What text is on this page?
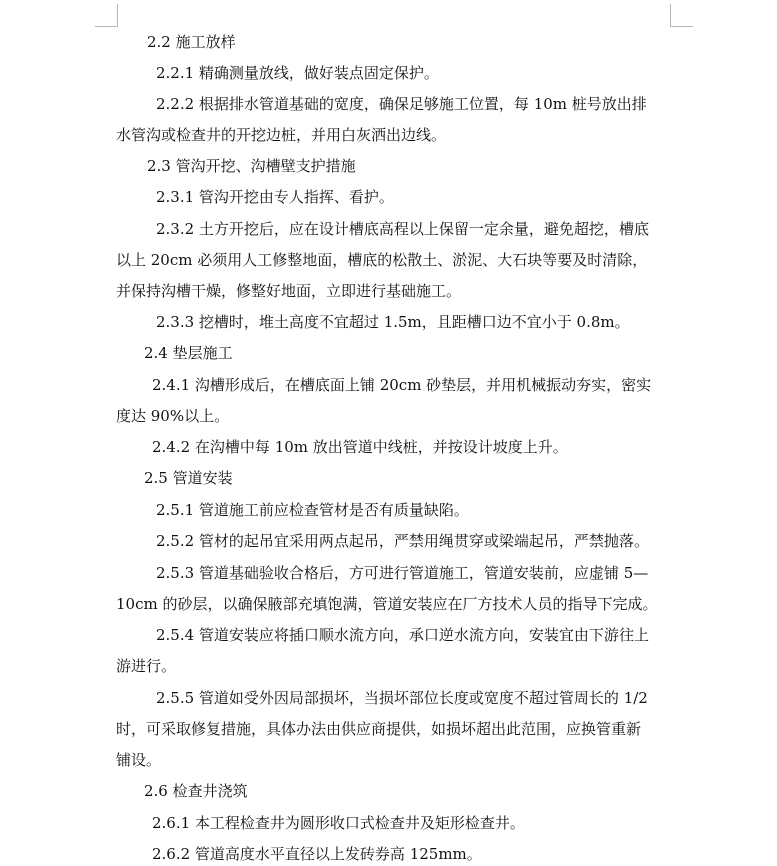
2.2 施工放样
2.2.1 精确测量放线，做好装点固定保护。
2.2.2 根据排水管道基础的宽度，确保足够施工位置，每 10m 桩号放出排
水管沟或检查井的开挖边桩，并用白灰洒出边线。
2.3 管沟开挖、沟槽壁支护措施
2.3.1 管沟开挖由专人指挥、看护。
2.3.2 土方开挖后，应在设计槽底高程以上保留一定余量，避免超挖，槽底
以上 20cm 必须用人工修整地面，槽底的松散土、淤泥、大石块等要及时清除，
并保持沟槽干燥，修整好地面，立即进行基础施工。
2.3.3 挖槽时，堆土高度不宜超过 1.5m，且距槽口边不宜小于 0.8m。
2.4 垫层施工
2.4.1 沟槽形成后，在槽底面上铺 20cm 砂垫层，并用机械振动夯实，密实
度达 90%以上。
2.4.2 在沟槽中每 10m 放出管道中线桩，并按设计坡度上升。
2.5 管道安装
2.5.1 管道施工前应检查管材是否有质量缺陷。
2.5.2 管材的起吊宜采用两点起吊，严禁用绳贯穿或梁端起吊，严禁抛落。
2.5.3 管道基础验收合格后，方可进行管道施工，管道安装前，应虚铺 5—
10cm 的砂层，以确保腋部充填饱满，管道安装应在厂方技术人员的指导下完成。
2.5.4 管道安装应将插口顺水流方向，承口逆水流方向，安装宜由下游往上
游进行。
2.5.5 管道如受外因局部损坏，当损坏部位长度或宽度不超过管周长的 1/2
时，可采取修复措施，具体办法由供应商提供，如损坏超出此范围，应换管重新
铺设。
2.6 检查井浇筑
2.6.1 本工程检查井为圆形收口式检查井及矩形检查井。
2.6.2 管道高度水平直径以上发砖券高 125mm。
